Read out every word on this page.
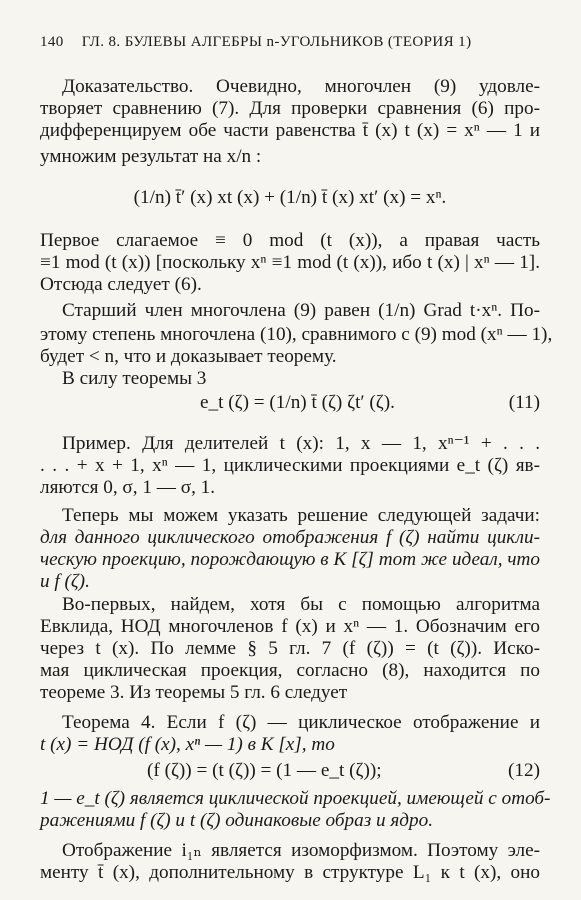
140 ГЛ. 8. БУЛЕВЫ АЛГЕБРЫ n-УГОЛЬНИКОВ (ТЕОРИЯ 1)
Доказательство. Очевидно, многочлен (9) удовле-
творяет сравнению (7). Для проверки сравнения (6) про-
дифференцируем обе части равенства t̄ (x) t (x) = xⁿ — 1 и
умножим результат на x/n :
(1/n) t̄′ (x) xt (x) + (1/n) t̄ (x) xt′ (x) = xⁿ.
Первое слагаемое ≡ 0 mod (t (x)), а правая часть
≡1 mod (t (x)) [поскольку xⁿ ≡1 mod (t (x)), ибо t (x) | xⁿ — 1].
Отсюда следует (6).
Старший член многочлена (9) равен (1/n) Grad t·xⁿ. По-
этому степень многочлена (10), сравнимого с (9) mod (xⁿ — 1),
будет < n, что и доказывает теорему.
В силу теоремы 3
e_t (ζ) = (1/n) t̄ (ζ) ζt′ (ζ).	(11)
Пример. Для делителей t (x): 1, x — 1, xⁿ⁻¹ + . . .
. . . + x + 1, xⁿ — 1, циклическими проекциями e_t (ζ) яв-
ляются 0, σ, 1 — σ, 1.
Теперь мы можем указать решение следующей задачи:
для данного циклического отображения f (ζ) найти цикли-
ческую проекцию, порождающую в K [ζ] тот же идеал, что
и f (ζ).
Во-первых, найдем, хотя бы с помощью алгоритма
Евклида, НОД многочленов f (x) и xⁿ — 1. Обозначим его
через t (x). По лемме § 5 гл. 7 (f (ζ)) = (t (ζ)). Иско-
мая циклическая проекция, согласно (8), находится по
теореме 3. Из теоремы 5 гл. 6 следует
Теорема 4. Если f (ζ) — циклическое отображение и
t (x) = НОД (f (x), xⁿ — 1) в K [x], то
(f (ζ)) = (t (ζ)) = (1 — e_t (ζ));	(12)
1 — e_t (ζ) является циклической проекцией, имеющей с отоб-
ражениями f (ζ) и t (ζ) одинаковые образ и ядро.
Отображение i₁ₙ является изоморфизмом. Поэтому эле-
менту t̄ (x), дополнительному в структуре L₁ к t (x), оно
